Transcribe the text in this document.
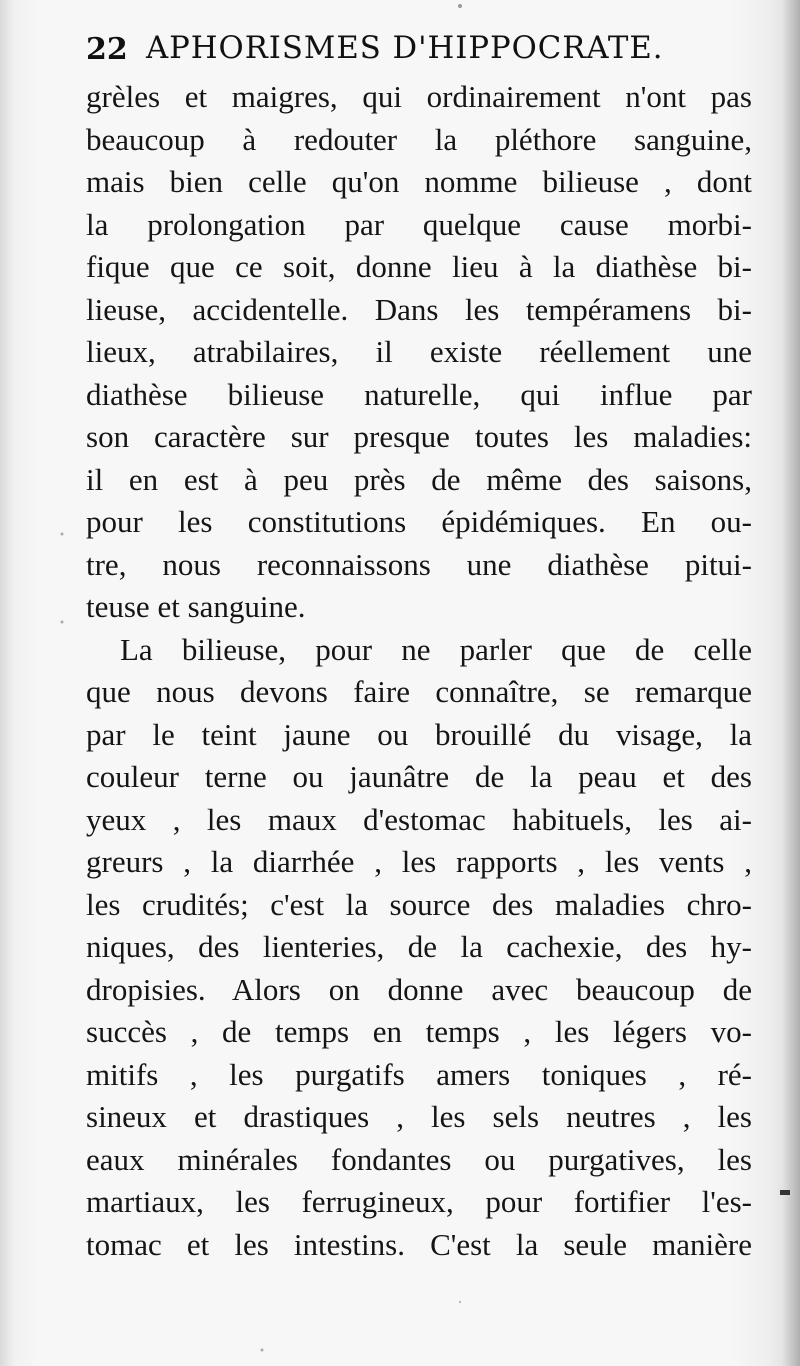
22 APHORISMES D'HIPPOCRATE.
grèles et maigres, qui ordinairement n'ont pas
beaucoup à redouter la pléthore sanguine,
mais bien celle qu'on nomme bilieuse , dont
la prolongation par quelque cause morbi-
fique que ce soit, donne lieu à la diathèse bi-
lieuse, accidentelle. Dans les tempéramens bi-
lieux, atrabilaires, il existe réellement une
diathèse bilieuse naturelle, qui influe par
son caractère sur presque toutes les maladies:
il en est à peu près de même des saisons,
pour les constitutions épidémiques. En ou-
tre, nous reconnaissons une diathèse pitui-
teuse et sanguine.
La bilieuse, pour ne parler que de celle
que nous devons faire connaître, se remarque
par le teint jaune ou brouillé du visage, la
couleur terne ou jaunâtre de la peau et des
yeux , les maux d'estomac habituels, les ai-
greurs , la diarrhée , les rapports , les vents ,
les crudités; c'est la source des maladies chro-
niques, des lienteries, de la cachexie, des hy-
dropisies. Alors on donne avec beaucoup de
succès , de temps en temps , les légers vo-
mitifs , les purgatifs amers toniques , ré-
sineux et drastiques , les sels neutres , les
eaux minérales fondantes ou purgatives, les
martiaux, les ferrugineux, pour fortifier l'es-
tomac et les intestins. C'est la seule manière
